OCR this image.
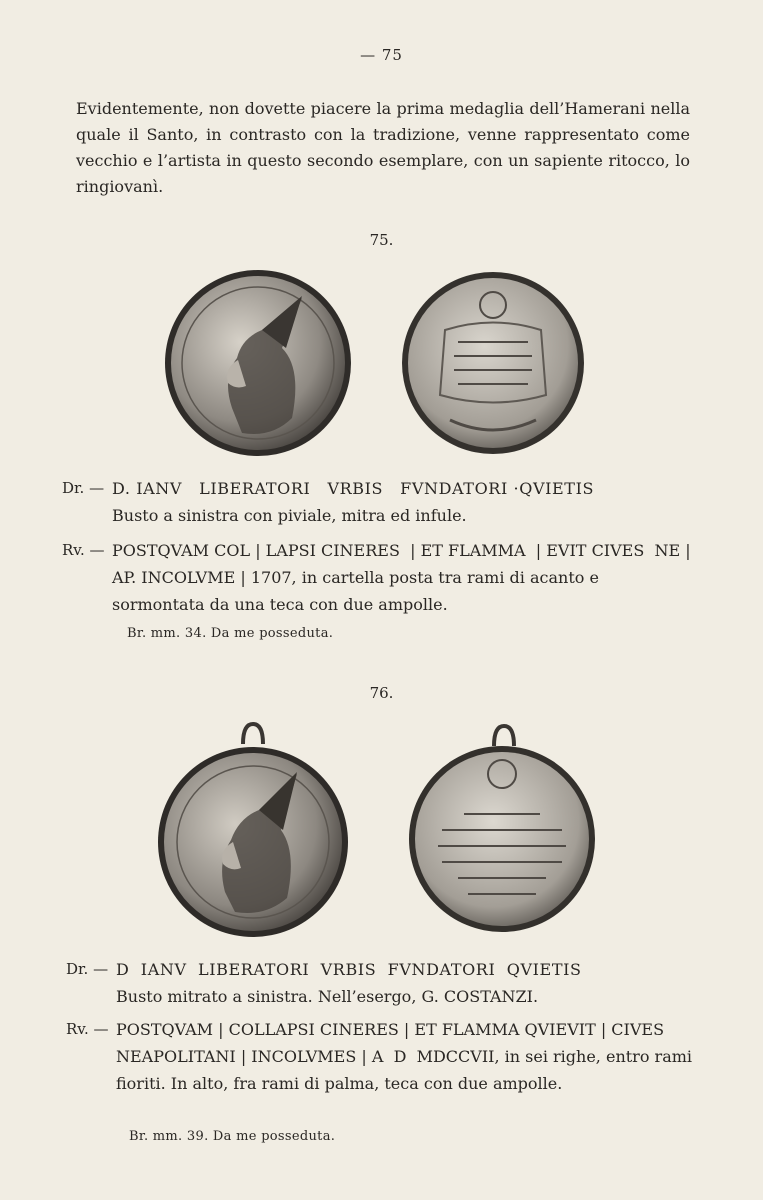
— 75
Evidentemente, non dovette piacere la prima medaglia dell’Hamerani nella quale il Santo, in contrasto con la tradizione, venne rappresentato come vecchio e l’artista in questo secondo esemplare, con un sapiente ritocco, lo ringiovanì.
75.
Dr. — D. IANV   LIBERATORI   VRBIS   FVNDATORI ·QVIETIS
Busto a sinistra con piviale, mitra ed infule.
Rv. — POSTQVAM COL | LAPSI CINERES  | ET FLAMMA  | EVIT CIVES  NE | AP. INCOLVME | 1707, in cartella posta tra rami di acanto e sormontata da una teca con due ampolle.
Br. mm. 34. Da me posseduta.
76.
Dr. — D  IANV  LIBERATORI  VRBIS  FVNDATORI  QVIETIS
Busto mitrato a sinistra. Nell’esergo, G. COSTANZI.
Rv. — POSTQVAM | COLLAPSI CINERES | ET FLAMMA QVIEVIT | CIVES NEAPOLITANI | INCOLVMES | A  D  MDCCVII, in sei righe, entro rami fioriti. In alto, fra rami di palma, teca con due ampolle.
Br. mm. 39. Da me posseduta.
